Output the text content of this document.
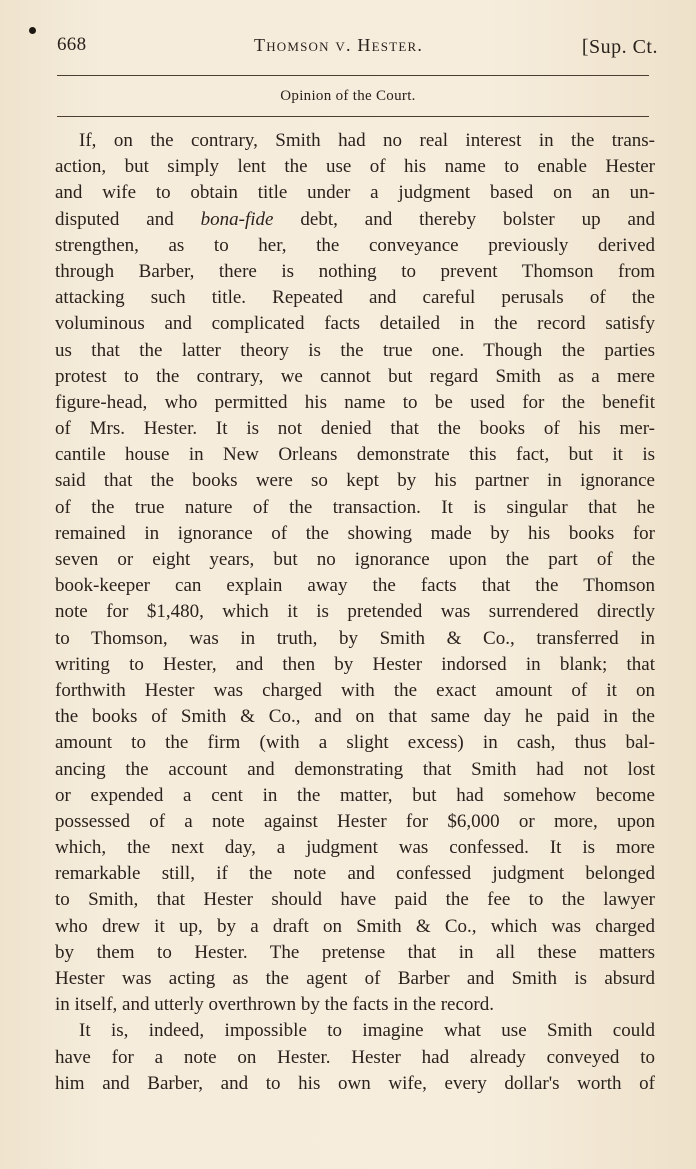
668	Thomson v. Hester.	[Sup. Ct.
Opinion of the Court.
If, on the contrary, Smith had no real interest in the trans-
action, but simply lent the use of his name to enable Hester
and wife to obtain title under a judgment based on an un-
disputed and bona-fide debt, and thereby bolster up and
strengthen, as to her, the conveyance previously derived
through Barber, there is nothing to prevent Thomson from
attacking such title. Repeated and careful perusals of the
voluminous and complicated facts detailed in the record satisfy
us that the latter theory is the true one. Though the parties
protest to the contrary, we cannot but regard Smith as a mere
figure-head, who permitted his name to be used for the benefit
of Mrs. Hester. It is not denied that the books of his mer-
cantile house in New Orleans demonstrate this fact, but it is
said that the books were so kept by his partner in ignorance
of the true nature of the transaction. It is singular that he
remained in ignorance of the showing made by his books for
seven or eight years, but no ignorance upon the part of the
book-keeper can explain away the facts that the Thomson
note for $1,480, which it is pretended was surrendered directly
to Thomson, was in truth, by Smith & Co., transferred in
writing to Hester, and then by Hester indorsed in blank; that
forthwith Hester was charged with the exact amount of it on
the books of Smith & Co., and on that same day he paid in the
amount to the firm (with a slight excess) in cash, thus bal-
ancing the account and demonstrating that Smith had not lost
or expended a cent in the matter, but had somehow become
possessed of a note against Hester for $6,000 or more, upon
which, the next day, a judgment was confessed. It is more
remarkable still, if the note and confessed judgment belonged
to Smith, that Hester should have paid the fee to the lawyer
who drew it up, by a draft on Smith & Co., which was charged
by them to Hester. The pretense that in all these matters
Hester was acting as the agent of Barber and Smith is absurd
in itself, and utterly overthrown by the facts in the record.
It is, indeed, impossible to imagine what use Smith could
have for a note on Hester. Hester had already conveyed to
him and Barber, and to his own wife, every dollar's worth of
